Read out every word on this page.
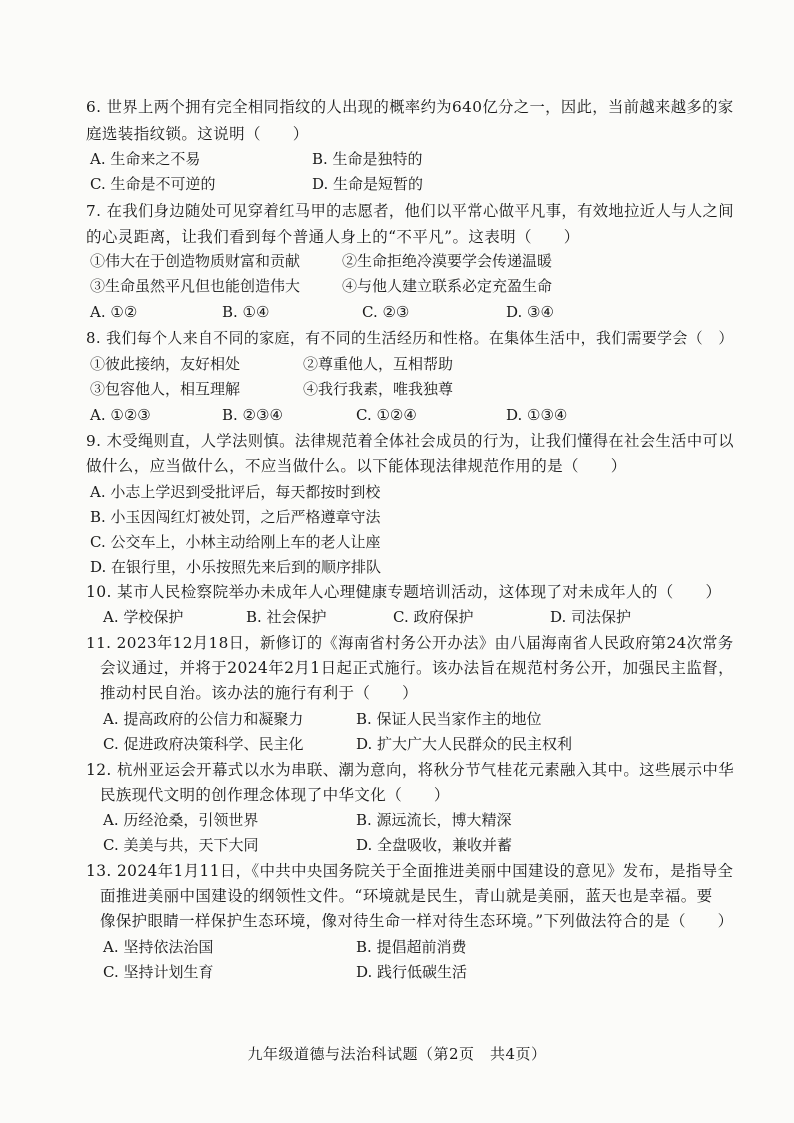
6. 世界上两个拥有完全相同指纹的人出现的概率约为640亿分之一，因此，当前越来越多的家
庭选装指纹锁。这说明（　　）
A. 生命来之不易	B. 生命是独特的
C. 生命是不可逆的	D. 生命是短暂的
7. 在我们身边随处可见穿着红马甲的志愿者，他们以平常心做平凡事，有效地拉近人与人之间
的心灵距离，让我们看到每个普通人身上的“不平凡”。这表明（　　）
①伟大在于创造物质财富和贡献	②生命拒绝冷漠要学会传递温暖
③生命虽然平凡但也能创造伟大	④与他人建立联系必定充盈生命
A. ①②	B. ①④	C. ②③	D. ③④
8. 我们每个人来自不同的家庭，有不同的生活经历和性格。在集体生活中，我们需要学会（　）
①彼此接纳，友好相处	②尊重他人，互相帮助
③包容他人，相互理解	④我行我素，唯我独尊
A. ①②③	B. ②③④	C. ①②④	D. ①③④
9. 木受绳则直，人学法则慎。法律规范着全体社会成员的行为，让我们懂得在社会生活中可以
做什么，应当做什么，不应当做什么。以下能体现法律规范作用的是（　　）
A. 小志上学迟到受批评后，每天都按时到校
B. 小玉因闯红灯被处罚，之后严格遵章守法
C. 公交车上，小林主动给刚上车的老人让座
D. 在银行里，小乐按照先来后到的顺序排队
10. 某市人民检察院举办未成年人心理健康专题培训活动，这体现了对未成年人的（　　）
A. 学校保护	B. 社会保护	C. 政府保护	D. 司法保护
11. 2023年12月18日，新修订的《海南省村务公开办法》由八届海南省人民政府第24次常务
会议通过，并将于2024年2月1日起正式施行。该办法旨在规范村务公开，加强民主监督，
推动村民自治。该办法的施行有利于（　　）
A. 提高政府的公信力和凝聚力	B. 保证人民当家作主的地位
C. 促进政府决策科学、民主化	D. 扩大广大人民群众的民主权利
12. 杭州亚运会开幕式以水为串联、潮为意向，将秋分节气桂花元素融入其中。这些展示中华
民族现代文明的创作理念体现了中华文化（　　）
A. 历经沧桑，引领世界	B. 源远流长，博大精深
C. 美美与共，天下大同	D. 全盘吸收，兼收并蓄
13. 2024年1月11日，《中共中央国务院关于全面推进美丽中国建设的意见》发布，是指导全
面推进美丽中国建设的纲领性文件。“环境就是民生，青山就是美丽，蓝天也是幸福。要
像保护眼睛一样保护生态环境，像对待生命一样对待生态环境。”下列做法符合的是（　　）
A. 坚持依法治国	B. 提倡超前消费
C. 坚持计划生育	D. 践行低碳生活
九年级道德与法治科试题（第2页　共4页）
